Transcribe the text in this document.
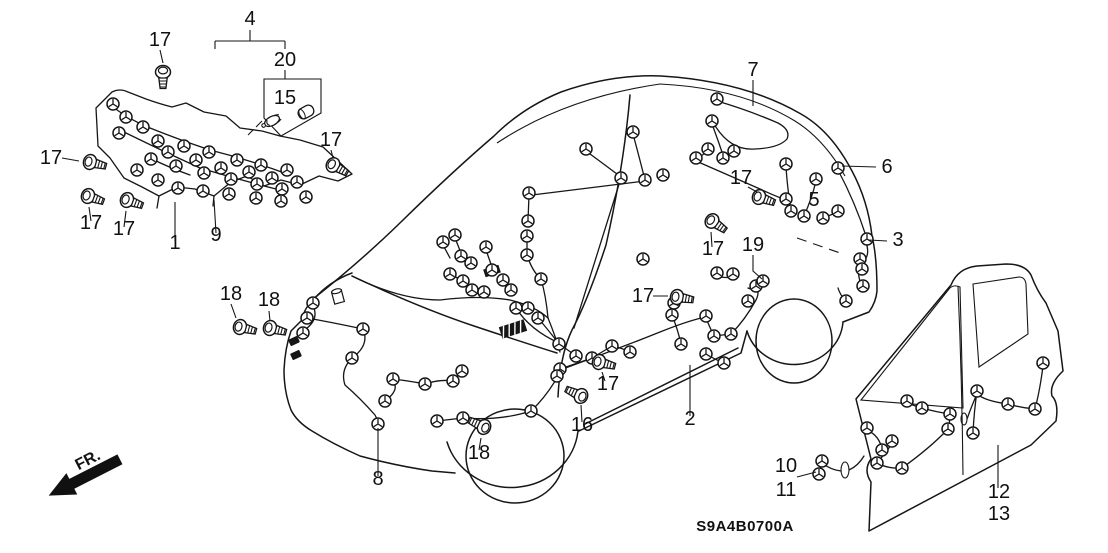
17
4
20
15
17
17
17 17
1 9
7
6
5
3
17
17 19
17
2
18 18
17
16
18
8
10
11	12
13
FR.
S9A4B0700A
